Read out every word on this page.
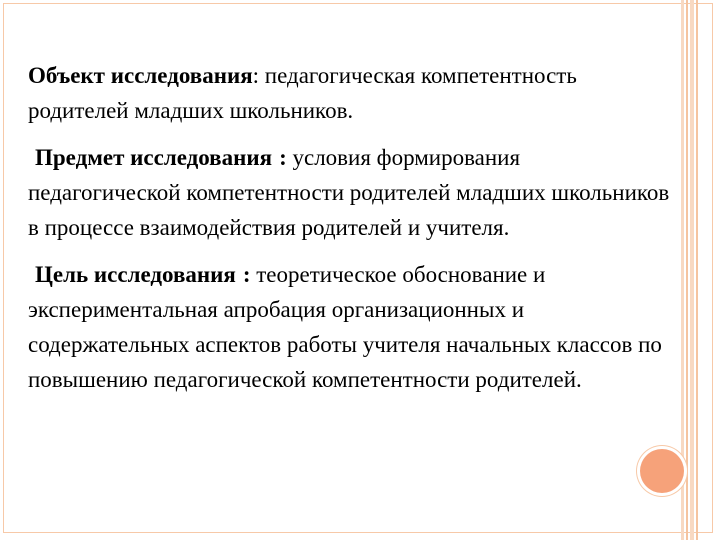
Объект исследования: педагогическая компетентность родителей младших школьников.

Предмет исследования : условия формирования педагогической компетентности родителей младших школьников в процессе взаимодействия родителей и учителя.

Цель исследования : теоретическое обоснование и экспериментальная апробация организационных и содержательных аспектов работы учителя начальных классов по повышению педагогической компетентности родителей.
